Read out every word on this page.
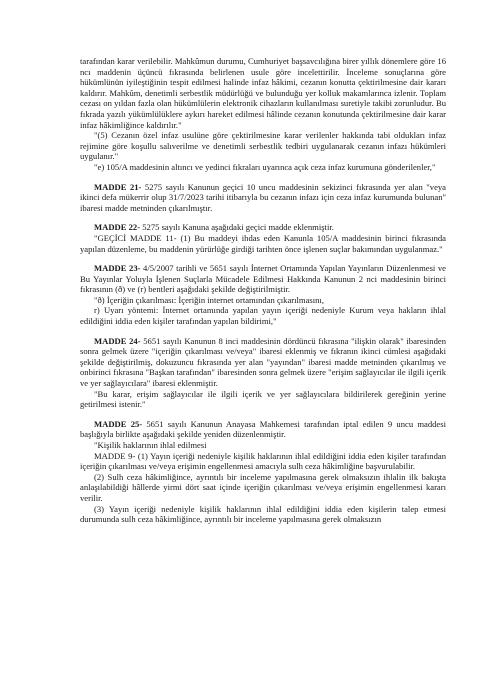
tarafından karar verilebilir. Mahkûmun durumu, Cumhuriyet başsavcılığına birer yıllık dönemlere göre 16 ncı maddenin üçüncü fıkrasında belirlenen usule göre incelettirilir. İnceleme sonuçlarına göre hükümlünün iyileştiğinin tespit edilmesi halinde infaz hâkimi, cezanın konutta çektirilmesine dair kararı kaldırır. Mahkûm, denetimli serbestlik müdürlüğü ve bulunduğu yer kolluk makamlarınca izlenir. Toplam cezası on yıldan fazla olan hükümlülerin elektronik cihazların kullanılması suretiyle takibi zorunludur. Bu fıkrada yazılı yükümlülüklere aykırı hareket edilmesi hâlinde cezanın konutunda çektirilmesine dair karar infaz hâkimliğince kaldırılır."

"(5) Cezanın özel infaz usulüne göre çektirilmesine karar verilenler hakkında tabi oldukları infaz rejimine göre koşullu salıverilme ve denetimli serbestlik tedbiri uygulanarak cezanın infazı hükümleri uygulanır."

"e) 105/A maddesinin altıncı ve yedinci fıkraları uyarınca açık ceza infaz kurumuna gönderilenler,"

MADDE 21- 5275 sayılı Kanunun geçici 10 uncu maddesinin sekizinci fıkrasında yer alan "veya ikinci defa mükerrir olup 31/7/2023 tarihi itibarıyla bu cezanın infazı için ceza infaz kurumunda bulunan" ibaresi madde metninden çıkarılmıştır.

MADDE 22- 5275 sayılı Kanuna aşağıdaki geçici madde eklenmiştir.

"GEÇİCİ MADDE 11- (1) Bu maddeyi ihdas eden Kanunla 105/A maddesinin birinci fıkrasında yapılan düzenleme, bu maddenin yürürlüğe girdiği tarihten önce işlenen suçlar bakımından uygulanmaz."

MADDE 23- 4/5/2007 tarihli ve 5651 sayılı İnternet Ortamında Yapılan Yayınların Düzenlenmesi ve Bu Yayınlar Yoluyla İşlenen Suçlarla Mücadele Edilmesi Hakkında Kanunun 2 nci maddesinin birinci fıkrasının (ð) ve (r) bentleri aşağıdaki şekilde değiştirilmiştir.

"ð) İçeriğin çıkarılması: İçeriğin internet ortamından çıkarılmasını,

r) Uyarı yöntemi: İnternet ortamında yapılan yayın içeriği nedeniyle Kurum veya hakların ihlal edildiğini iddia eden kişiler tarafından yapılan bildirimi,"

MADDE 24- 5651 sayılı Kanunun 8 inci maddesinin dördüncü fıkrasına "ilişkin olarak" ibaresinden sonra gelmek üzere "içeriğin çıkarılması ve/veya" ibaresi eklenmiş ve fıkranın ikinci cümlesi aşağıdaki şekilde değiştirilmiş, dokuzuncu fıkrasında yer alan "yayından" ibaresi madde metninden çıkarılmış ve onbirinci fıkrasına "Başkan tarafından" ibaresinden sonra gelmek üzere "erişim sağlayıcılar ile ilgili içerik ve yer sağlayıcılara" ibaresi eklenmiştir.

"Bu karar, erişim sağlayıcılar ile ilgili içerik ve yer sağlayıcılara bildirilerek gereğinin yerine getirilmesi istenir."

MADDE 25- 5651 sayılı Kanunun Anayasa Mahkemesi tarafından iptal edilen 9 uncu maddesi başlığıyla birlikte aşağıdaki şekilde yeniden düzenlenmiştir.

"Kişilik haklarının ihlal edilmesi

MADDE 9- (1) Yayın içeriği nedeniyle kişilik haklarının ihlal edildiğini iddia eden kişiler tarafından içeriğin çıkarılması ve/veya erişimin engellenmesi amacıyla sulh ceza hâkimliğine başvurulabilir.

(2) Sulh ceza hâkimliğince, ayrıntılı bir inceleme yapılmasına gerek olmaksızın ihlalin ilk bakışta anlaşılabildiği hâllerde yirmi dört saat içinde içeriğin çıkarılması ve/veya erişimin engellenmesi kararı verilir.

(3) Yayın içeriği nedeniyle kişilik haklarının ihlal edildiğini iddia eden kişilerin talep etmesi durumunda sulh ceza hâkimliğince, ayrıntılı bir inceleme yapılmasına gerek olmaksızın
